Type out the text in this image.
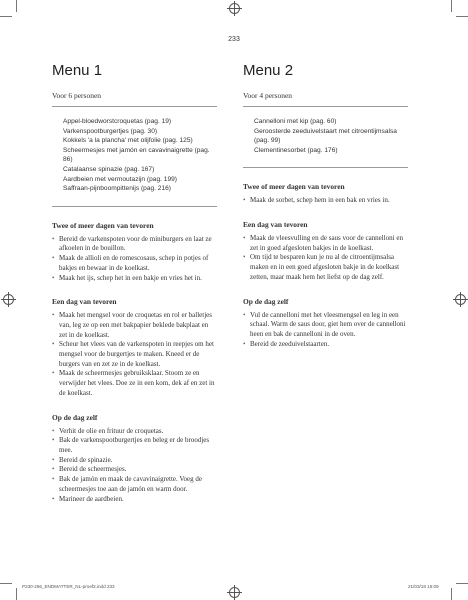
233
Menu 1

Voor 6 personen

Appel-bloedworstcroquetas (pag. 19)
Varkenspootburgertjes (pag. 30)
Kokkels 'a la plancha' met olijfolie (pag. 125)
Scheermesjes met jamón en cavavinaigrette (pag.
86)
Catalaanse spinazie (pag. 167)
Aardbeien met vermoutazijn (pag. 199)
Saffraan-pijnboompittenijs (pag. 216)

Twee of meer dagen van tevoren

• Bereid de varkenspoten voor de miniburgers en laat ze afkoelen in de bouillon.
• Maak de allioli en de romescosaus, schep in potjes of bakjes en bewaar in de koelkast.
• Maak het ijs, schep het in een bakje en vries het in.

Een dag van tevoren

• Maak het mengsel voor de croquetas en rol er balletjes van, leg ze op een met bakpapier beklede bakplaat en zet in de koelkast.
• Scheur het vlees van de varkenspoten in reepjes om het mengsel voor de burgertjes te maken. Kneed er de burgers van en zet ze in de koelkast.
• Maak de scheermesjes gebruiksklaar. Stoom ze en verwijder het vlees. Doe ze in een kom, dek af en zet in de koelkast.

Op de dag zelf

• Verhit de olie en frituur de croquetas.
• Bak de varkenspootburgertjes en beleg er de broodjes mee.
• Bereid de spinazie.
• Bereid de scheermesjes.
• Bak de jamón en maak de cavavinaigrette. Voeg de scheermesjes toe aan de jamón en warm door.
• Marineer de aardbeien.
Menu 2

Voor 4 personen

Cannelloni met kip (pag. 60)
Geroosterde zeeduivelstaart met citroentijmsalsa
(pag. 99)
Clementinesorbet (pag. 176)

Twee of meer dagen van tevoren

• Maak de sorbet, schep hem in een bak en vries in.

Een dag van tevoren

• Maak de vleesvulling en de saus voor de cannelloni en zet in goed afgesloten bakjes in de koelkast.
• Om tijd te besparen kun je nu al de citroentijmsalsa maken en in een goed afgesloten bakje in de koelkast zetten, maar maak hem het liefst op de dag zelf.

Op de dag zelf

• Vul de cannelloni met het vleesmengsel en leg in een schaal. Warm de saus door, giet hem over de cannelloni heen en bak de cannelloni in de oven.
• Bereid de zeeduivelstaarten.
P230-256_ENDMATTER_NL-proef2.indd 233	21/03/18 15:09
